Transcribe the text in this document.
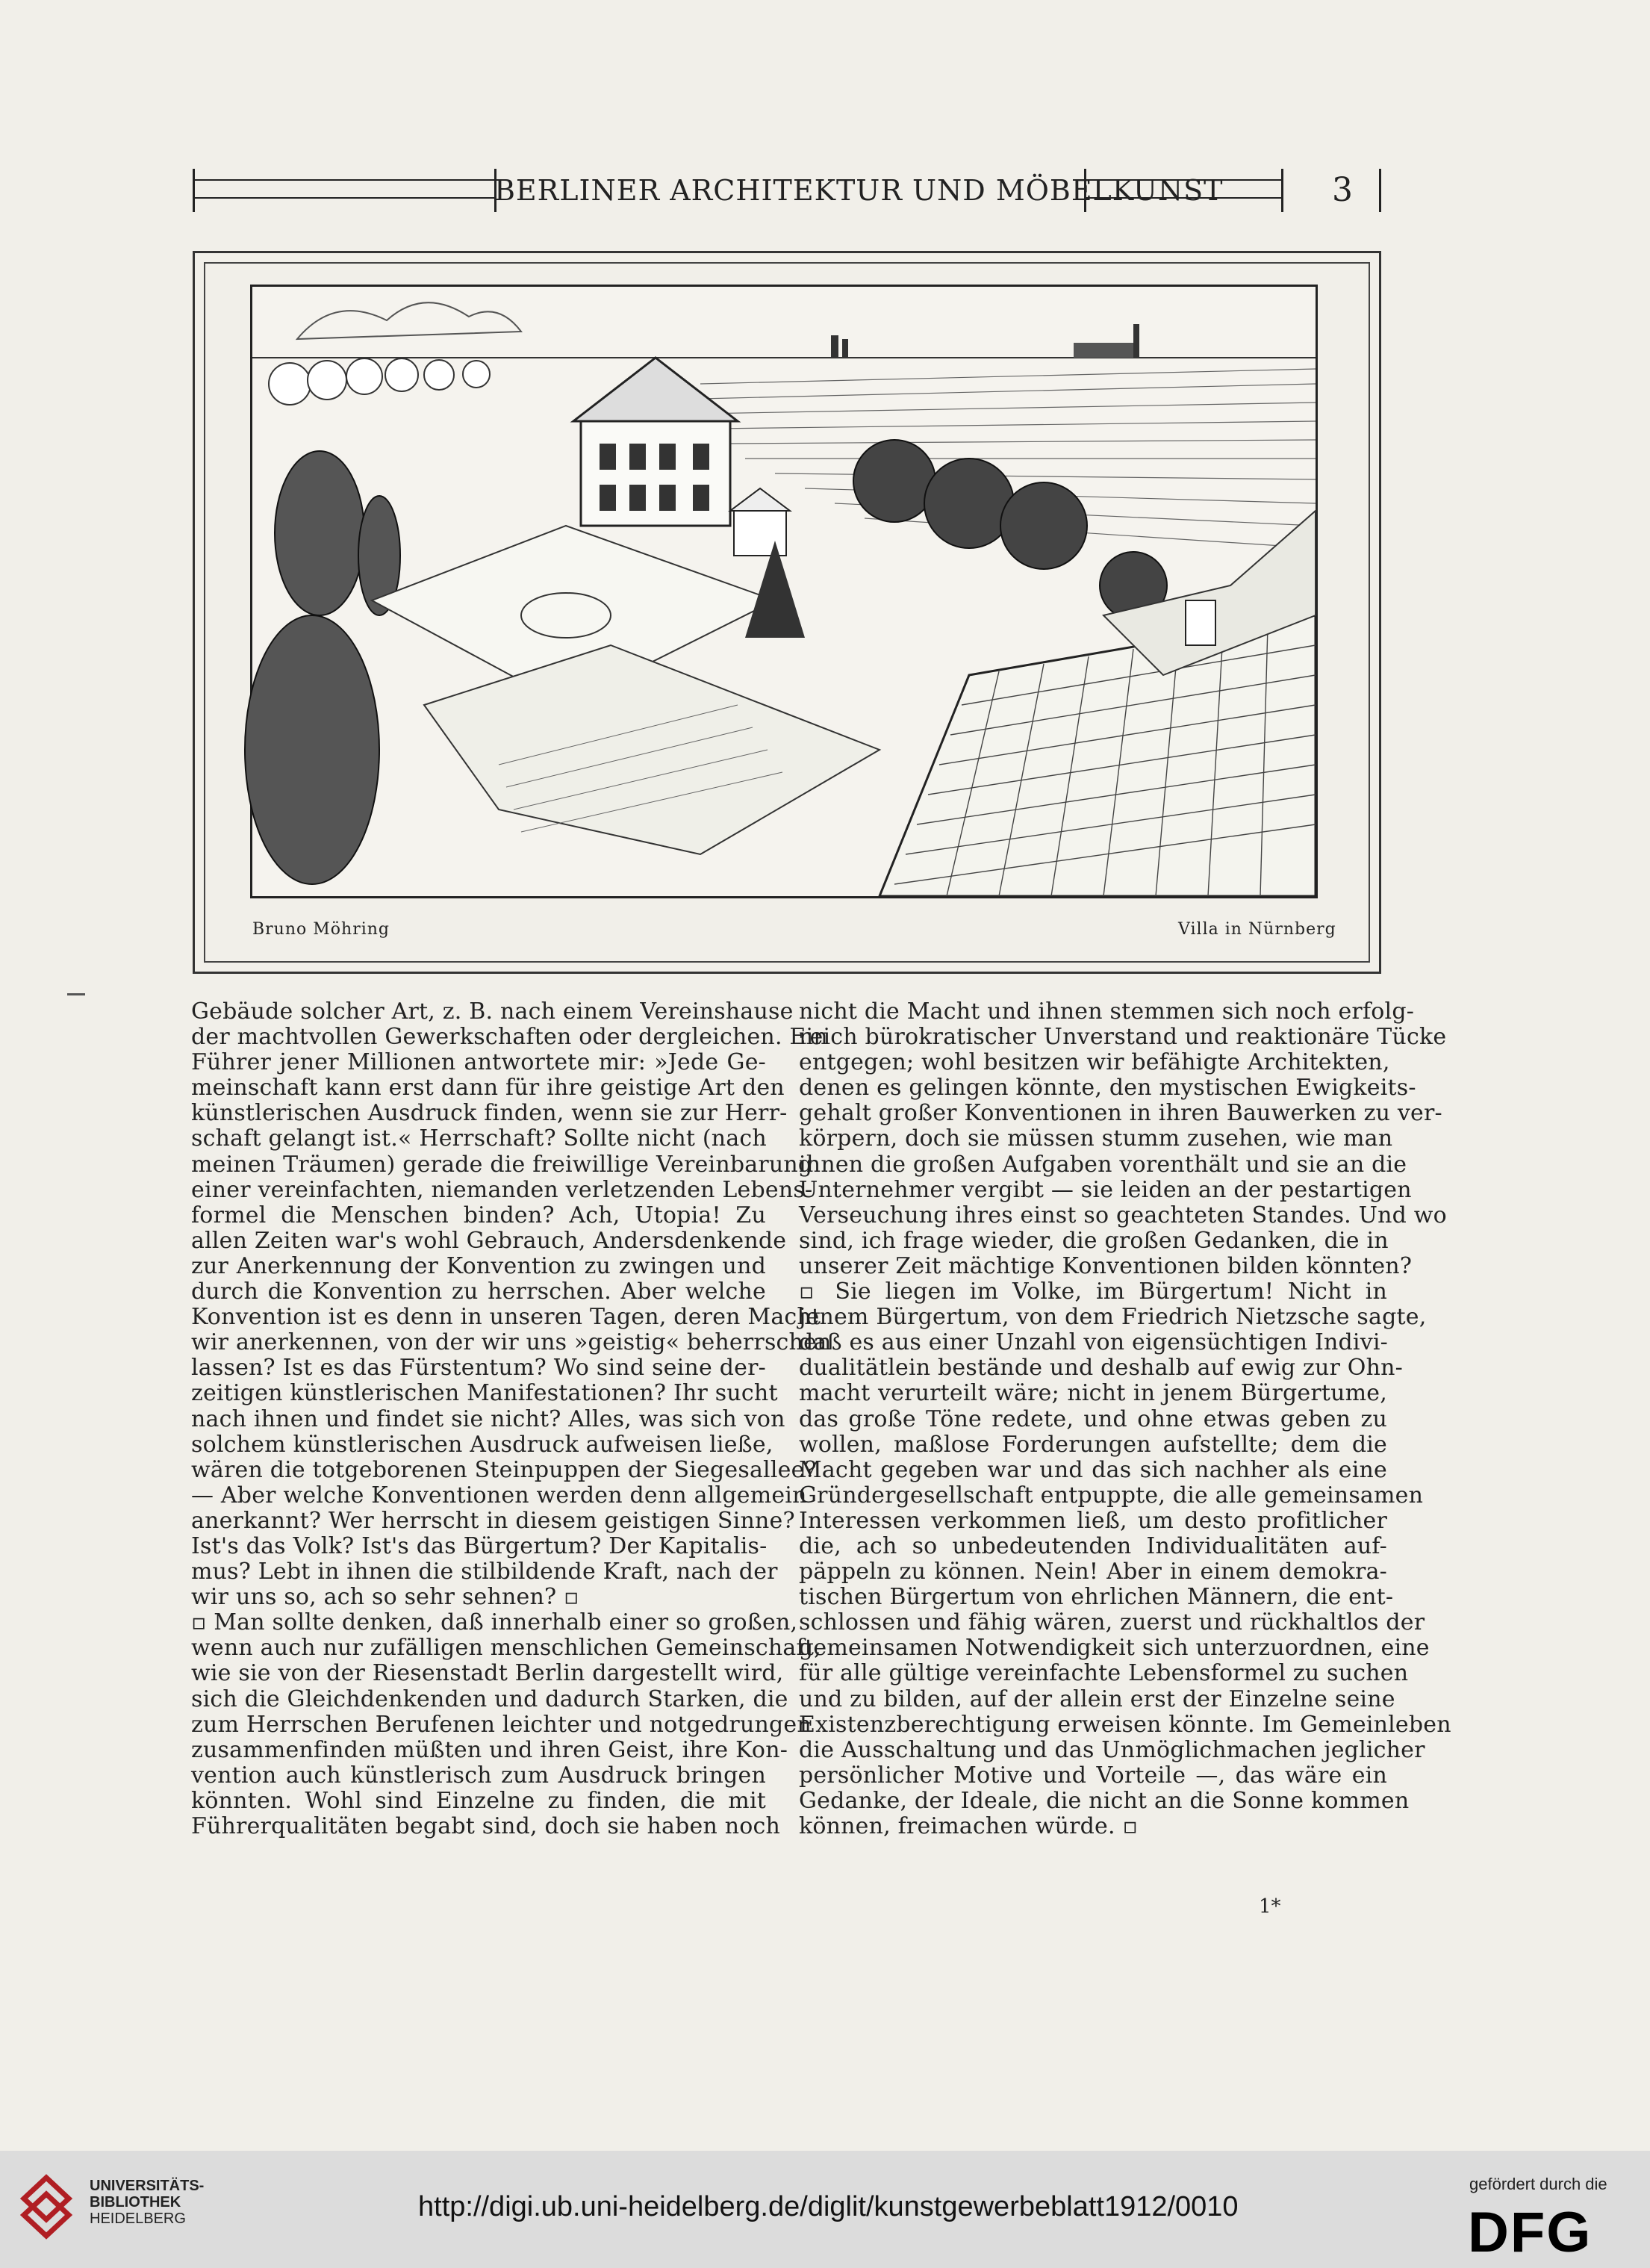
BERLINER ARCHITEKTUR UND MÖBELKUNST	3
Bruno Möhring	Villa in Nürnberg
Gebäude solcher Art, z. B. nach einem Vereinshause
der machtvollen Gewerkschaften oder dergleichen. Ein
Führer jener Millionen antwortete mir: »Jede Ge-
meinschaft kann erst dann für ihre geistige Art den
künstlerischen Ausdruck finden, wenn sie zur Herr-
schaft gelangt ist.« Herrschaft? Sollte nicht (nach
meinen Träumen) gerade die freiwillige Vereinbarung
einer vereinfachten, niemanden verletzenden Lebens-
formel die Menschen binden? Ach, Utopia! Zu
allen Zeiten war's wohl Gebrauch, Andersdenkende
zur Anerkennung der Konvention zu zwingen und
durch die Konvention zu herrschen. Aber welche
Konvention ist es denn in unseren Tagen, deren Macht
wir anerkennen, von der wir uns »geistig« beherrschen
lassen? Ist es das Fürstentum? Wo sind seine der-
zeitigen künstlerischen Manifestationen? Ihr sucht
nach ihnen und findet sie nicht? Alles, was sich von
solchem künstlerischen Ausdruck aufweisen ließe,
wären die totgeborenen Steinpuppen der Siegesallee?
— Aber welche Konventionen werden denn allgemein
anerkannt? Wer herrscht in diesem geistigen Sinne?
Ist's das Volk? Ist's das Bürgertum? Der Kapitalis-
mus? Lebt in ihnen die stilbildende Kraft, nach der
wir uns so, ach so sehr sehnen? ▫
▫ Man sollte denken, daß innerhalb einer so großen,
wenn auch nur zufälligen menschlichen Gemeinschaft,
wie sie von der Riesenstadt Berlin dargestellt wird,
sich die Gleichdenkenden und dadurch Starken, die
zum Herrschen Berufenen leichter und notgedrungen
zusammenfinden müßten und ihren Geist, ihre Kon-
vention auch künstlerisch zum Ausdruck bringen
könnten. Wohl sind Einzelne zu finden, die mit
Führerqualitäten begabt sind, doch sie haben noch
nicht die Macht und ihnen stemmen sich noch erfolg-
reich bürokratischer Unverstand und reaktionäre Tücke
entgegen; wohl besitzen wir befähigte Architekten,
denen es gelingen könnte, den mystischen Ewigkeits-
gehalt großer Konventionen in ihren Bauwerken zu ver-
körpern, doch sie müssen stumm zusehen, wie man
ihnen die großen Aufgaben vorenthält und sie an die
Unternehmer vergibt — sie leiden an der pestartigen
Verseuchung ihres einst so geachteten Standes. Und wo
sind, ich frage wieder, die großen Gedanken, die in
unserer Zeit mächtige Konventionen bilden könnten?
▫ Sie liegen im Volke, im Bürgertum! Nicht in
jenem Bürgertum, von dem Friedrich Nietzsche sagte,
daß es aus einer Unzahl von eigensüchtigen Indivi-
dualitätlein bestände und deshalb auf ewig zur Ohn-
macht verurteilt wäre; nicht in jenem Bürgertume,
das große Töne redete, und ohne etwas geben zu
wollen, maßlose Forderungen aufstellte; dem die
Macht gegeben war und das sich nachher als eine
Gründergesellschaft entpuppte, die alle gemeinsamen
Interessen verkommen ließ, um desto profitlicher
die, ach so unbedeutenden Individualitäten auf-
päppeln zu können. Nein! Aber in einem demokra-
tischen Bürgertum von ehrlichen Männern, die ent-
schlossen und fähig wären, zuerst und rückhaltlos der
gemeinsamen Notwendigkeit sich unterzuordnen, eine
für alle gültige vereinfachte Lebensformel zu suchen
und zu bilden, auf der allein erst der Einzelne seine
Existenzberechtigung erweisen könnte. Im Gemeinleben
die Ausschaltung und das Unmöglichmachen jeglicher
persönlicher Motive und Vorteile —, das wäre ein
Gedanke, der Ideale, die nicht an die Sonne kommen
können, freimachen würde. ▫
1*
UNIVERSITÄTS-
BIBLIOTHEK
HEIDELBERG	http://digi.ub.uni-heidelberg.de/diglit/kunstgewerbeblatt1912/0010
gefördert durch die
DFG
